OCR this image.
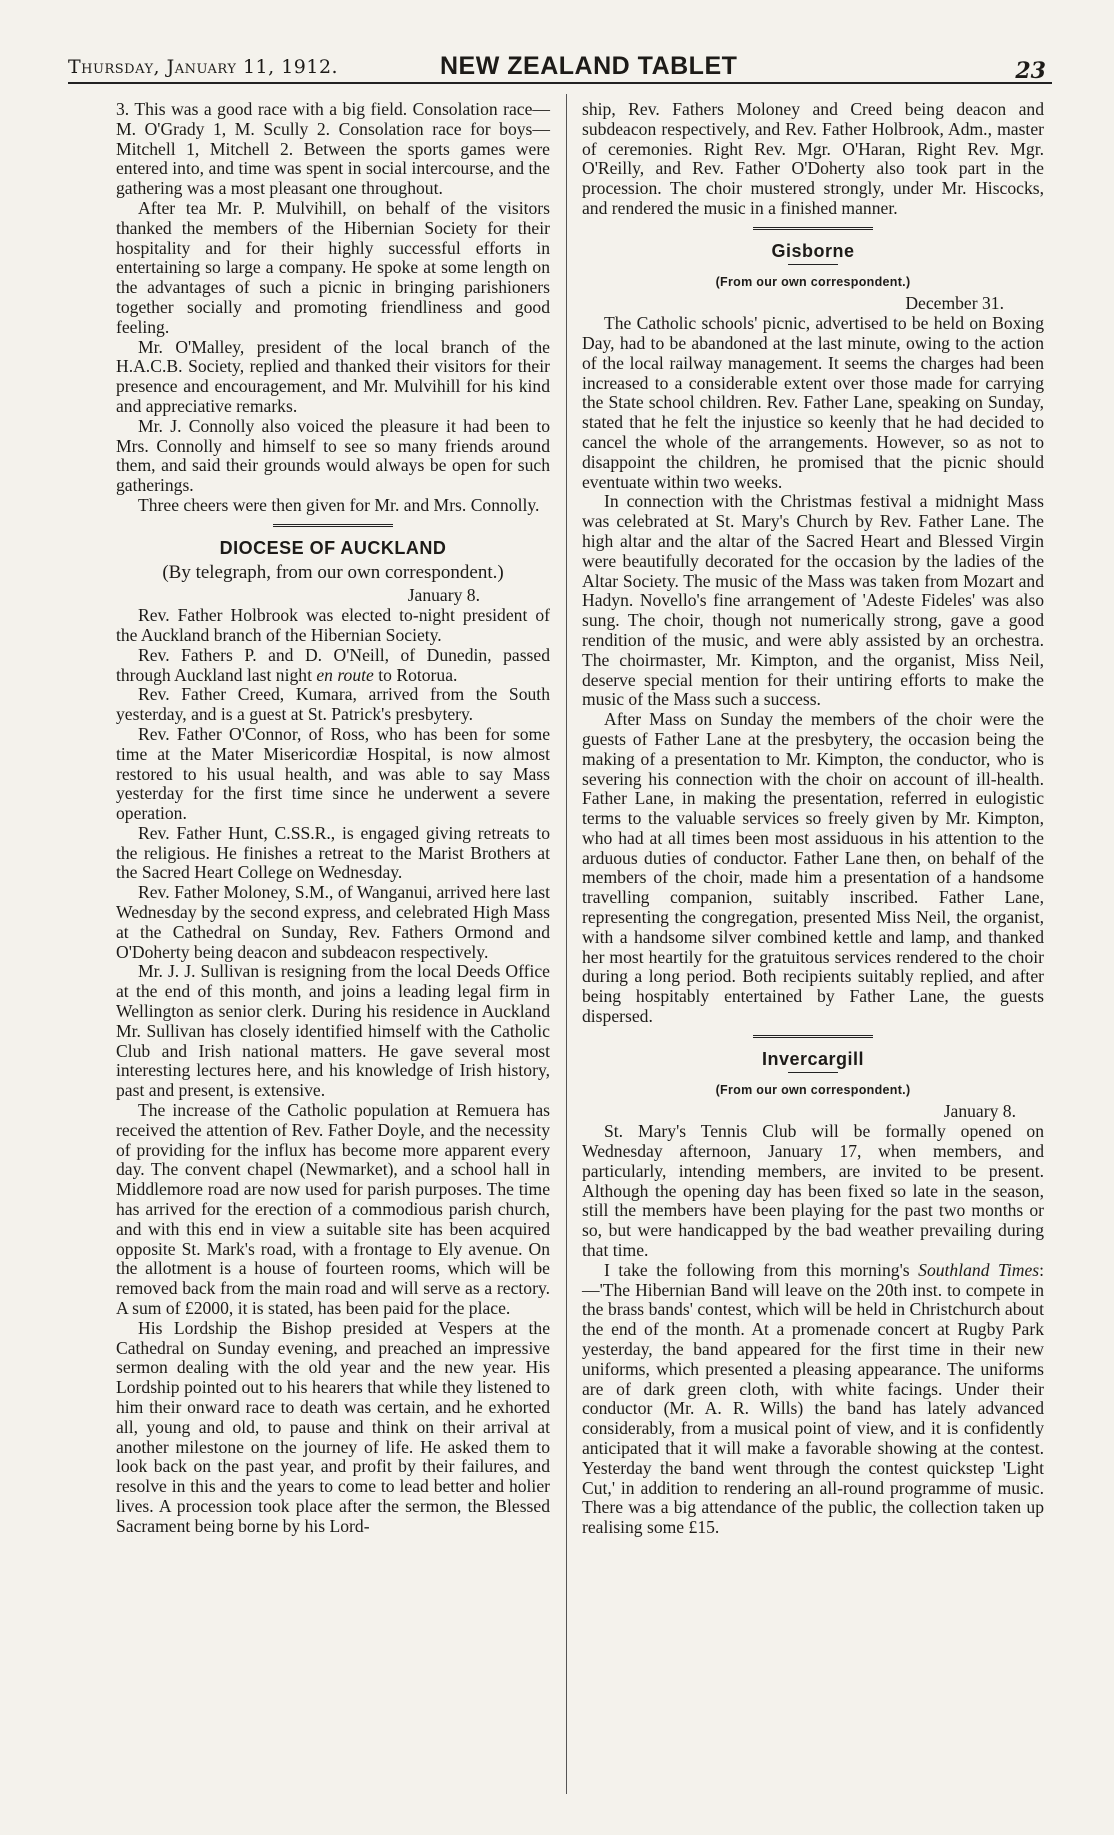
Thursday, January 11, 1912.	NEW ZEALAND TABLET	23

3. This was a good race with a big field. Consolation race—M. O'Grady 1, M. Scully 2. Consolation race for boys—Mitchell 1, Mitchell 2. Between the sports games were entered into, and time was spent in social intercourse, and the gathering was a most pleasant one throughout.

After tea Mr. P. Mulvihill, on behalf of the visitors thanked the members of the Hibernian Society for their hospitality and for their highly successful efforts in entertaining so large a company. He spoke at some length on the advantages of such a picnic in bringing parishioners together socially and promoting friendliness and good feeling.

Mr. O'Malley, president of the local branch of the H.A.C.B. Society, replied and thanked their visitors for their presence and encouragement, and Mr. Mulvihill for his kind and appreciative remarks.

Mr. J. Connolly also voiced the pleasure it had been to Mrs. Connolly and himself to see so many friends around them, and said their grounds would always be open for such gatherings.

Three cheers were then given for Mr. and Mrs. Connolly.

DIOCESE OF AUCKLAND
(By telegraph, from our own correspondent.)

January 8.

Rev. Father Holbrook was elected to-night president of the Auckland branch of the Hibernian Society.

Rev. Fathers P. and D. O'Neill, of Dunedin, passed through Auckland last night en route to Rotorua.

Rev. Father Creed, Kumara, arrived from the South yesterday, and is a guest at St. Patrick's presbytery.

Rev. Father O'Connor, of Ross, who has been for some time at the Mater Misericordiæ Hospital, is now almost restored to his usual health, and was able to say Mass yesterday for the first time since he underwent a severe operation.

Rev. Father Hunt, C.SS.R., is engaged giving retreats to the religious. He finishes a retreat to the Marist Brothers at the Sacred Heart College on Wednesday.

Rev. Father Moloney, S.M., of Wanganui, arrived here last Wednesday by the second express, and celebrated High Mass at the Cathedral on Sunday, Rev. Fathers Ormond and O'Doherty being deacon and subdeacon respectively.

Mr. J. J. Sullivan is resigning from the local Deeds Office at the end of this month, and joins a leading legal firm in Wellington as senior clerk. During his residence in Auckland Mr. Sullivan has closely identified himself with the Catholic Club and Irish national matters. He gave several most interesting lectures here, and his knowledge of Irish history, past and present, is extensive.

The increase of the Catholic population at Remuera has received the attention of Rev. Father Doyle, and the necessity of providing for the influx has become more apparent every day. The convent chapel (Newmarket), and a school hall in Middlemore road are now used for parish purposes. The time has arrived for the erection of a commodious parish church, and with this end in view a suitable site has been acquired opposite St. Mark's road, with a frontage to Ely avenue. On the allotment is a house of fourteen rooms, which will be removed back from the main road and will serve as a rectory. A sum of £2000, it is stated, has been paid for the place.

His Lordship the Bishop presided at Vespers at the Cathedral on Sunday evening, and preached an impressive sermon dealing with the old year and the new year. His Lordship pointed out to his hearers that while they listened to him their onward race to death was certain, and he exhorted all, young and old, to pause and think on their arrival at another milestone on the journey of life. He asked them to look back on the past year, and profit by their failures, and resolve in this and the years to come to lead better and holier lives. A procession took place after the sermon, the Blessed Sacrament being borne by his Lord-

ship, Rev. Fathers Moloney and Creed being deacon and subdeacon respectively, and Rev. Father Holbrook, Adm., master of ceremonies. Right Rev. Mgr. O'Haran, Right Rev. Mgr. O'Reilly, and Rev. Father O'Doherty also took part in the procession. The choir mustered strongly, under Mr. Hiscocks, and rendered the music in a finished manner.

Gisborne
(From our own correspondent.)

December 31.

The Catholic schools' picnic, advertised to be held on Boxing Day, had to be abandoned at the last minute, owing to the action of the local railway management. It seems the charges had been increased to a considerable extent over those made for carrying the State school children. Rev. Father Lane, speaking on Sunday, stated that he felt the injustice so keenly that he had decided to cancel the whole of the arrangements. However, so as not to disappoint the children, he promised that the picnic should eventuate within two weeks.

In connection with the Christmas festival a midnight Mass was celebrated at St. Mary's Church by Rev. Father Lane. The high altar and the altar of the Sacred Heart and Blessed Virgin were beautifully decorated for the occasion by the ladies of the Altar Society. The music of the Mass was taken from Mozart and Hadyn. Novello's fine arrangement of 'Adeste Fideles' was also sung. The choir, though not numerically strong, gave a good rendition of the music, and were ably assisted by an orchestra. The choirmaster, Mr. Kimpton, and the organist, Miss Neil, deserve special mention for their untiring efforts to make the music of the Mass such a success.

After Mass on Sunday the members of the choir were the guests of Father Lane at the presbytery, the occasion being the making of a presentation to Mr. Kimpton, the conductor, who is severing his connection with the choir on account of ill-health. Father Lane, in making the presentation, referred in eulogistic terms to the valuable services so freely given by Mr. Kimpton, who had at all times been most assiduous in his attention to the arduous duties of conductor. Father Lane then, on behalf of the members of the choir, made him a presentation of a handsome travelling companion, suitably inscribed. Father Lane, representing the congregation, presented Miss Neil, the organist, with a handsome silver combined kettle and lamp, and thanked her most heartily for the gratuitous services rendered to the choir during a long period. Both recipients suitably replied, and after being hospitably entertained by Father Lane, the guests dispersed.

Invercargill
(From our own correspondent.)

January 8.

St. Mary's Tennis Club will be formally opened on Wednesday afternoon, January 17, when members, and particularly, intending members, are invited to be present. Although the opening day has been fixed so late in the season, still the members have been playing for the past two months or so, but were handicapped by the bad weather prevailing during that time.

I take the following from this morning's Southland Times:—'The Hibernian Band will leave on the 20th inst. to compete in the brass bands' contest, which will be held in Christchurch about the end of the month. At a promenade concert at Rugby Park yesterday, the band appeared for the first time in their new uniforms, which presented a pleasing appearance. The uniforms are of dark green cloth, with white facings. Under their conductor (Mr. A. R. Wills) the band has lately advanced considerably, from a musical point of view, and it is confidently anticipated that it will make a favorable showing at the contest. Yesterday the band went through the contest quickstep 'Light Cut,' in addition to rendering an all-round programme of music. There was a big attendance of the public, the collection taken up realising some £15.
